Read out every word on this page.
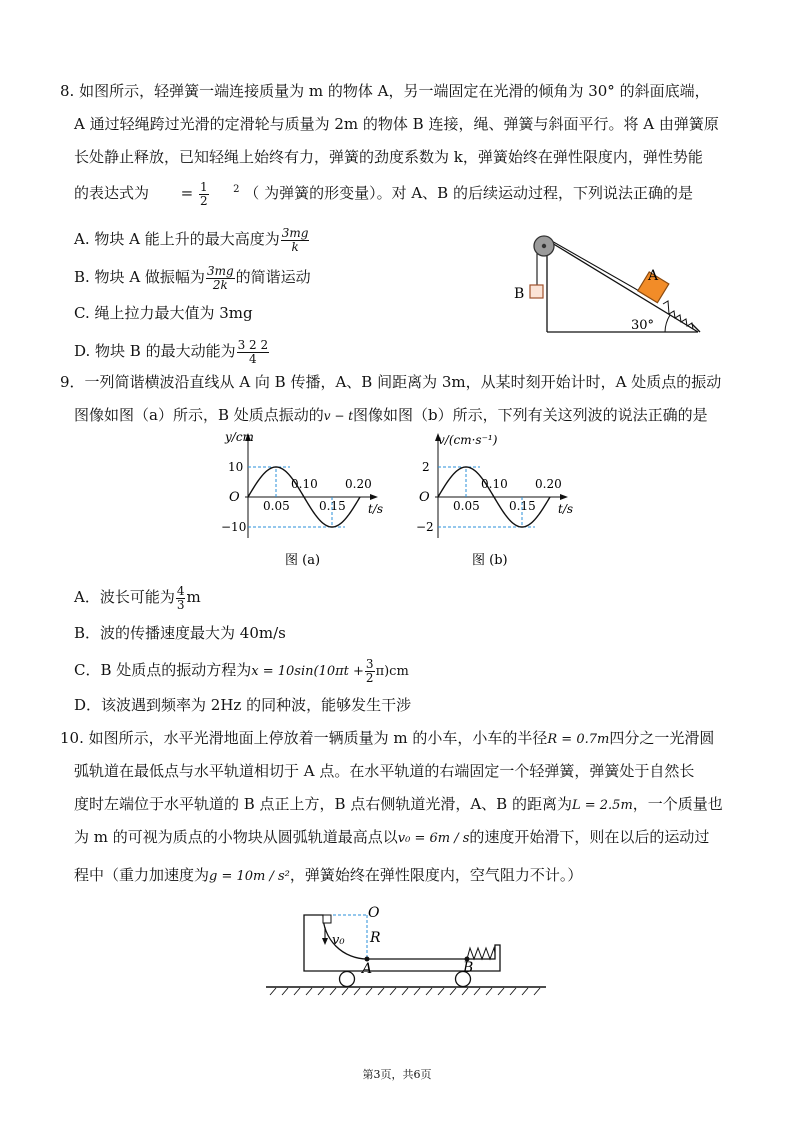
8. 如图所示，轻弹簧一端连接质量为 m 的物体 A，另一端固定在光滑的倾角为 30° 的斜面底端，
A 通过轻绳跨过光滑的定滑轮与质量为 2m 的物体 B 连接，绳、弹簧与斜面平行。将 A 由弹簧原
长处静止释放，已知轻绳上始终有力，弹簧的劲度系数为 k，弹簧始终在弹性限度内，弹性势能
的表达式为 = $\frac{1}{2} ^2$ （ 为弹簧的形变量）。对 A、B 的后续运动过程，下列说法正确的是
A. 物块 A 能上升的最大高度为 $\frac{3mg}{k}$
B. 物块 A 做振幅为 $\frac{3mg}{2k}$ 的简谐运动
C. 绳上拉力最大值为 3mg
D. 物块 B 的最大动能为 $\frac{3 2 2}{4}$
B
A
30°
9．一列简谐横波沿直线从 A 向 B 传播，A、B 间距离为 3m，从某时刻开始计时，A 处质点的振动
图像如图（a）所示，B 处质点振动的v − t图像如图（b）所示，下列有关这列波的说法正确的是
y/cm
t/s
O
10
−10
0.05
0.10
0.15
0.20
图 (a)
v/(cm·s⁻¹)
t/s
O
2
−2
0.05
0.10
0.15
0.20
图 (b)
A．波长可能为 $\frac{4}{3}$ m
B．波的传播速度最大为 40m/s
C．B 处质点的振动方程为$x = 10\sin(10\pi t + \frac{3}{2} \pi)cm$
D．该波遇到频率为 2Hz 的同种波，能够发生干涉
10. 如图所示，水平光滑地面上停放着一辆质量为 m 的小车，小车的半径R = 0.7m四分之一光滑圆
弧轨道在最低点与水平轨道相切于 A 点。在水平轨道的右端固定一个轻弹簧，弹簧处于自然长
度时左端位于水平轨道的 B 点正上方，B 点右侧轨道光滑，A、B 的距离为L = 2.5m，一个质量也
为 m 的可视为质点的小物块从圆弧轨道最高点以v₀ = 6m / s的速度开始滑下，则在以后的运动过
程中（重力加速度为g = 10m / s²，弹簧始终在弹性限度内，空气阻力不计。）
O
R
v₀
A	B
第3页，共6页
